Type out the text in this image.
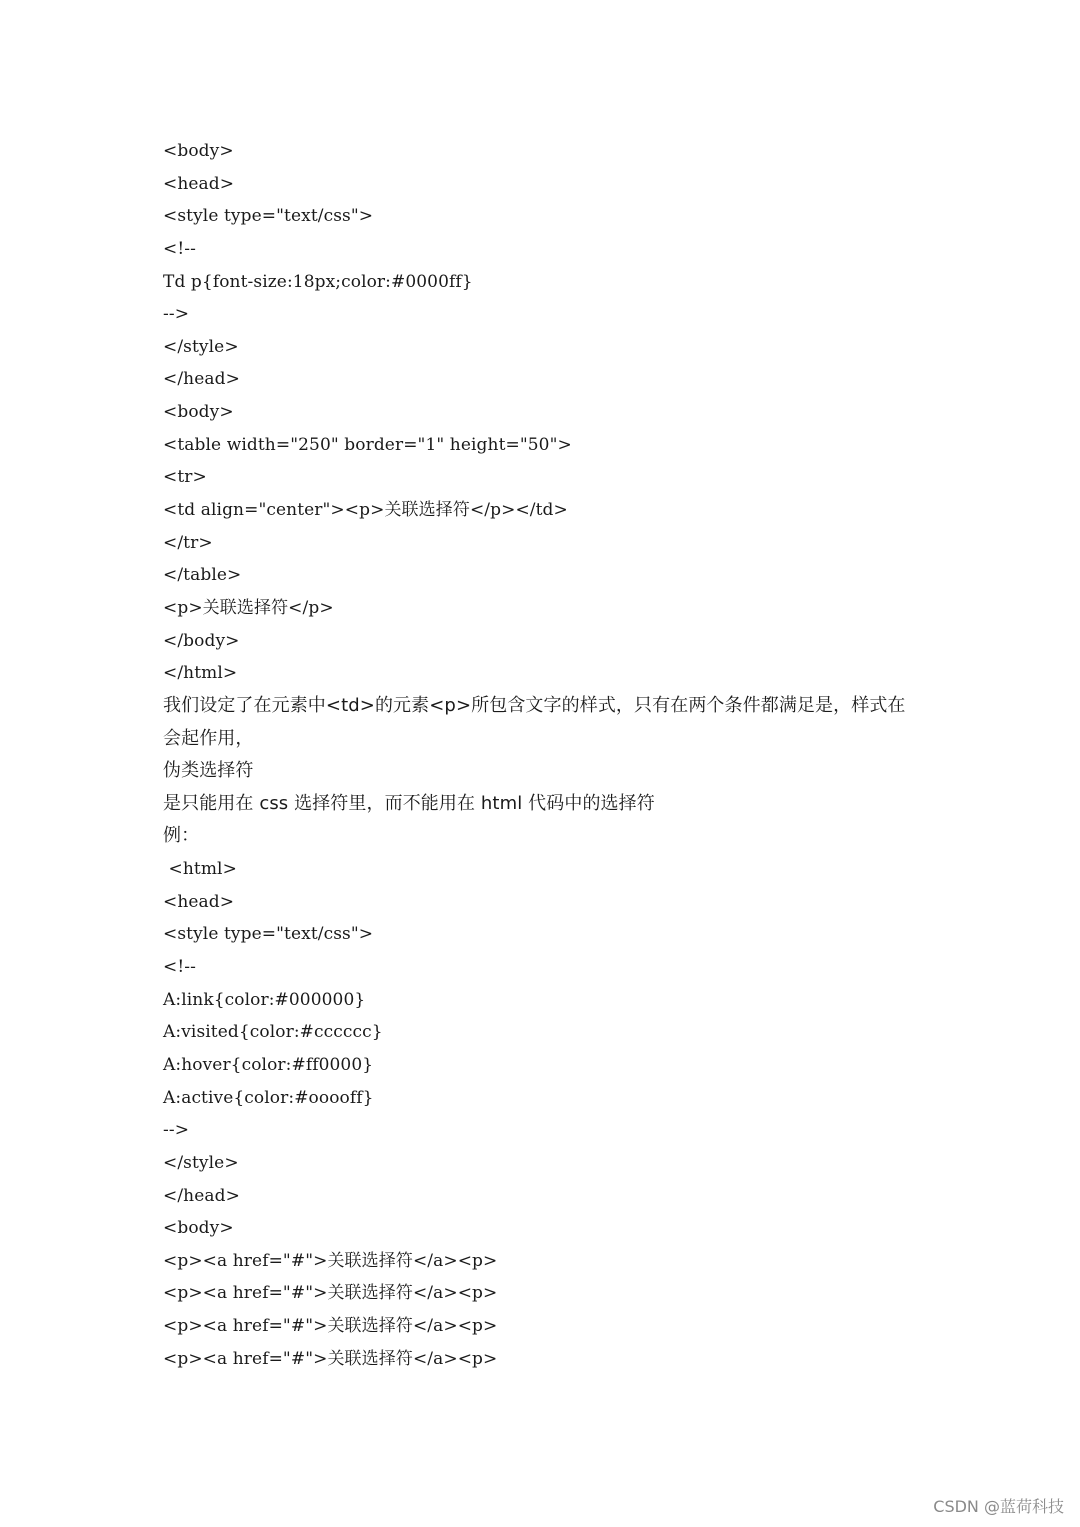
<body>
<head>
<style type="text/css">
<!--
Td p{font-size:18px;color:#0000ff}
-->
</style>
</head>
<body>
<table width="250" border="1" height="50">
<tr>
<td align="center"><p>关联选择符</p></td>
</tr>
</table>
<p>关联选择符</p>
</body>
</html>
我们设定了在元素中<td>的元素<p>所包含文字的样式，只有在两个条件都满足是，样式在
会起作用，
伪类选择符
是只能用在 css 选择符里，而不能用在 html 代码中的选择符
例：
<html>
<head>
<style type="text/css">
<!--
A:link{color:#000000}
A:visited{color:#cccccc}
A:hover{color:#ff0000}
A:active{color:#ooooff}
-->
</style>
</head>
<body>
<p><a href="#">关联选择符</a><p>
<p><a href="#">关联选择符</a><p>
<p><a href="#">关联选择符</a><p>
<p><a href="#">关联选择符</a><p>
CSDN @蓝荷科技
